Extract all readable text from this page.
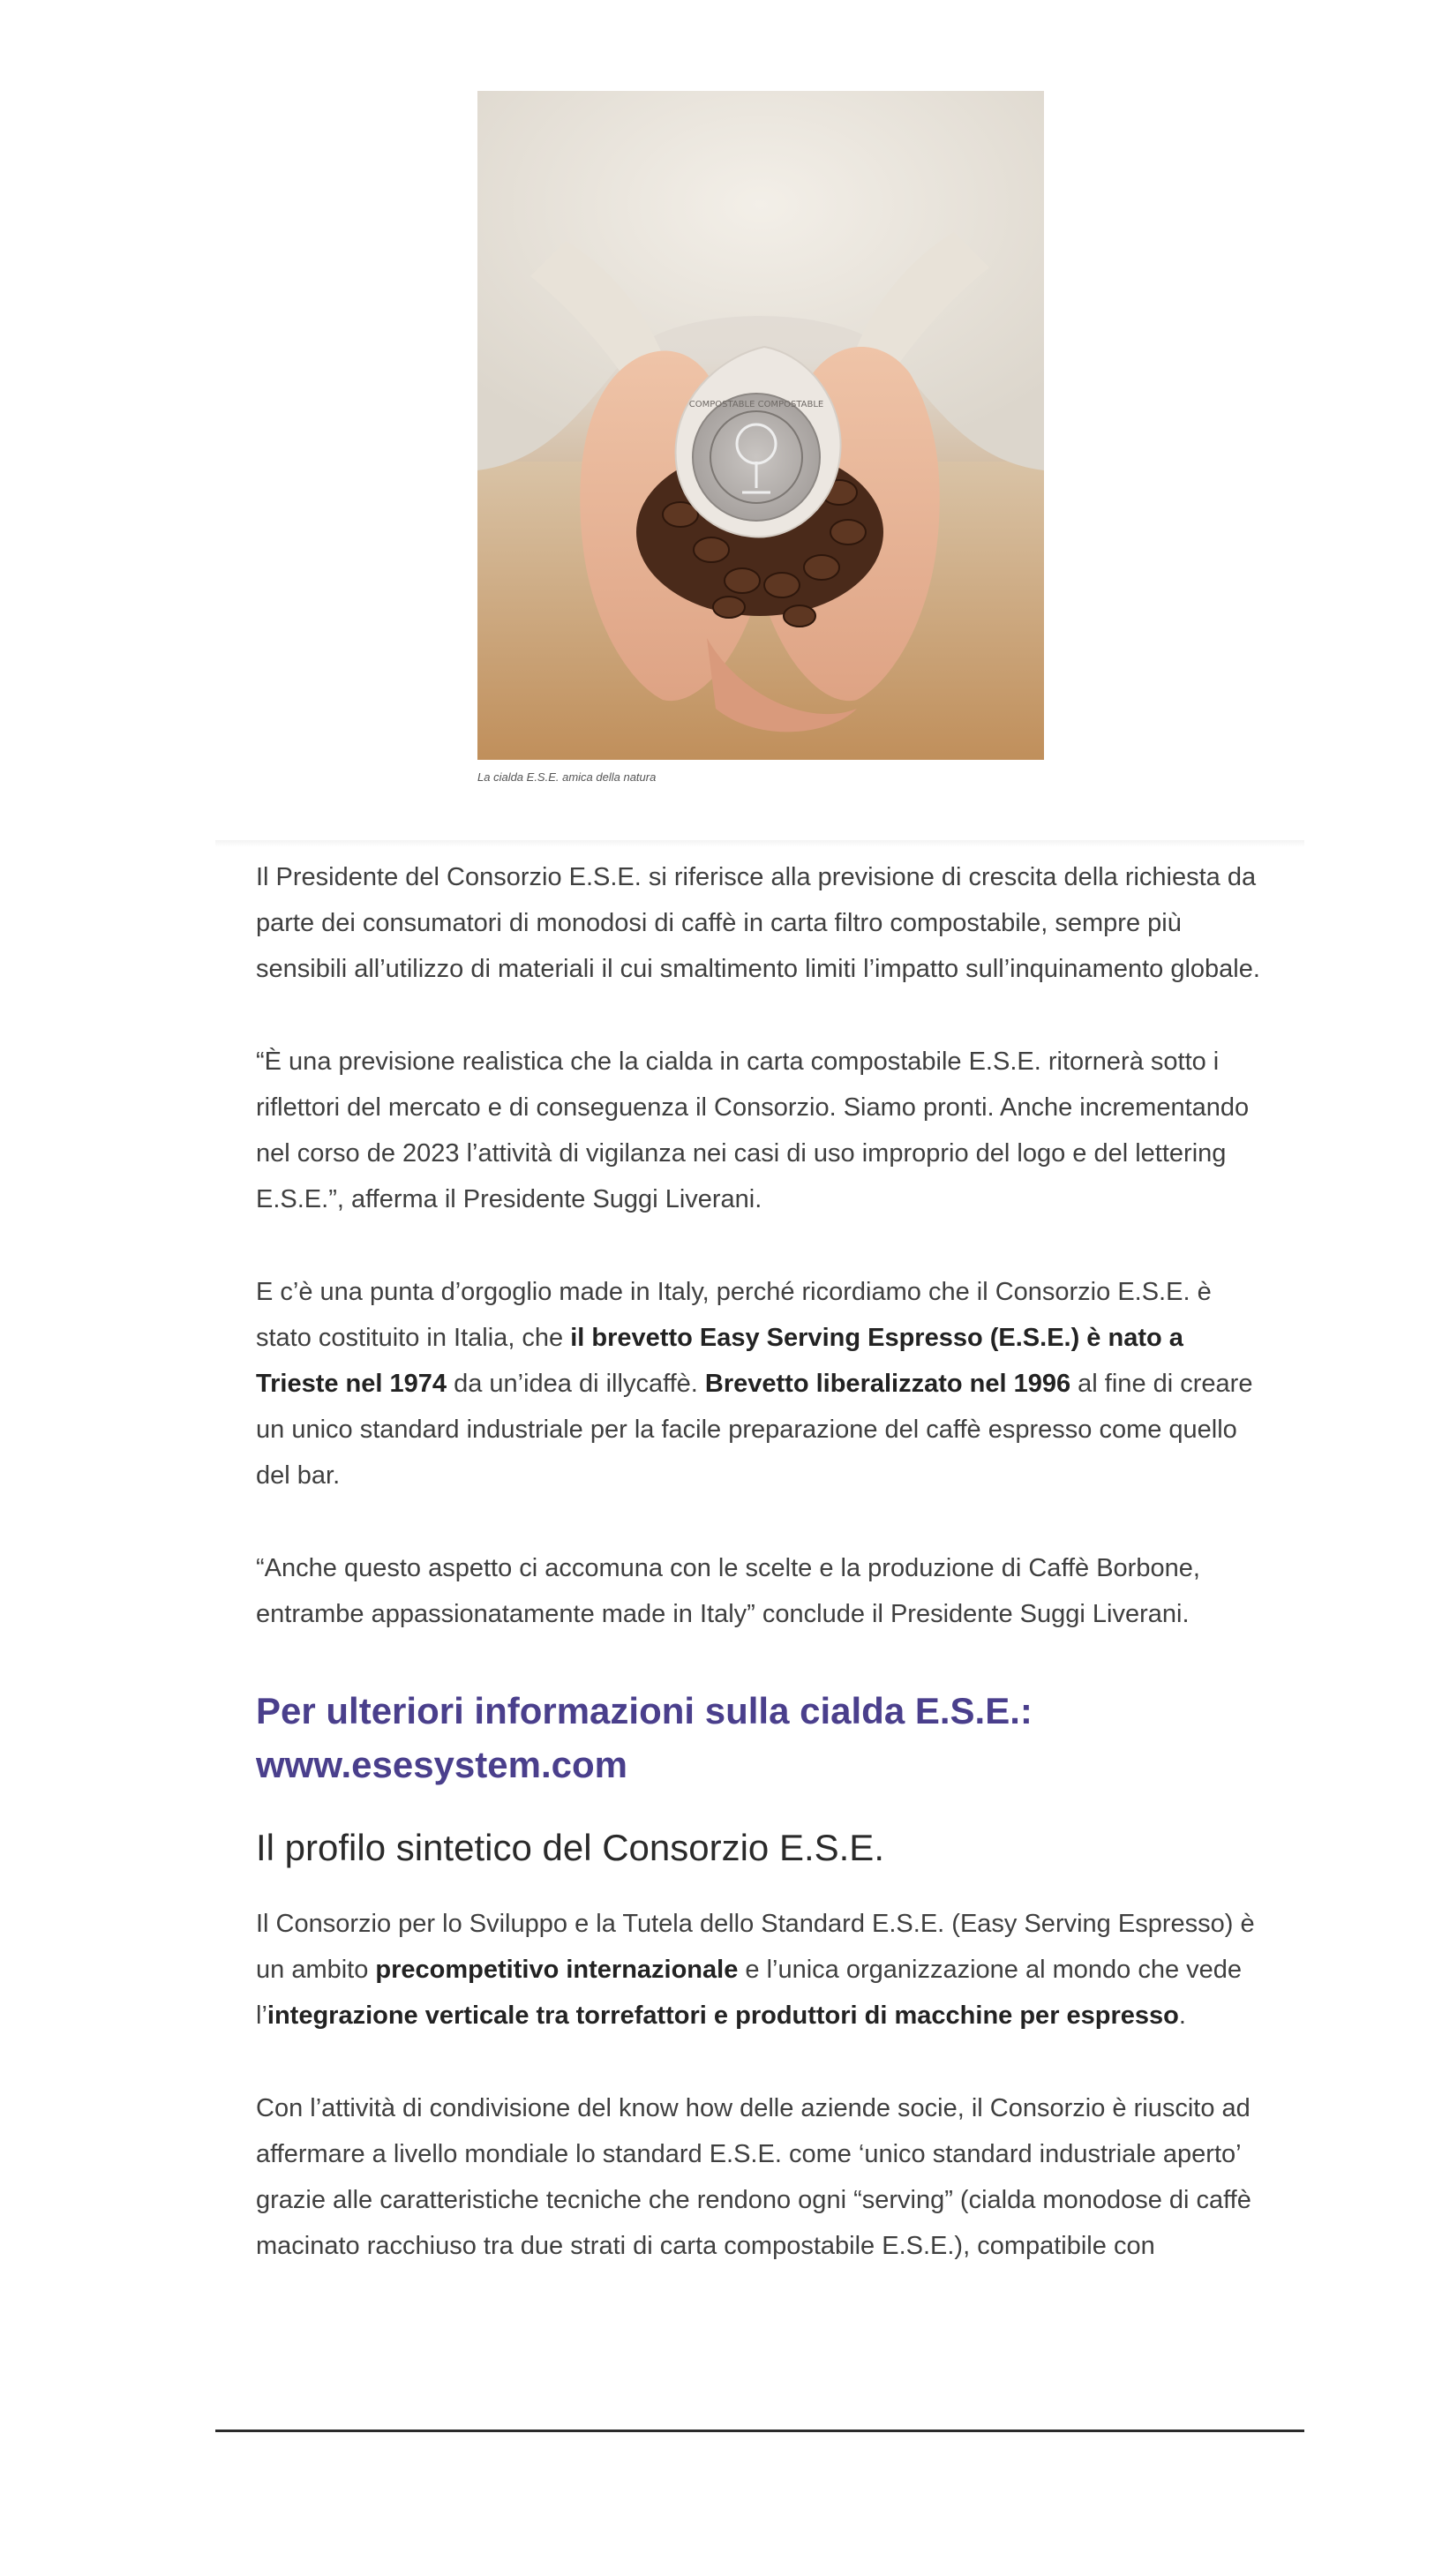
COMPOSTABLE COMPOSTABLE
La cialda E.S.E. amica della natura

Il Presidente del Consorzio E.S.E. si riferisce alla previsione di crescita della richiesta da parte dei consumatori di monodosi di caffè in carta filtro compostabile, sempre più sensibili all’utilizzo di materiali il cui smaltimento limiti l’impatto sull’inquinamento globale.

“È una previsione realistica che la cialda in carta compostabile E.S.E. ritornerà sotto i riflettori del mercato e di conseguenza il Consorzio. Siamo pronti. Anche incrementando nel corso de 2023 l’attività di vigilanza nei casi di uso improprio del logo e del lettering E.S.E.”, afferma il Presidente Suggi Liverani.

E c’è una punta d’orgoglio made in Italy, perché ricordiamo che il Consorzio E.S.E. è stato costituito in Italia, che il brevetto Easy Serving Espresso (E.S.E.) è nato a Trieste nel 1974 da un’idea di illycaffè. Brevetto liberalizzato nel 1996 al fine di creare un unico standard industriale per la facile preparazione del caffè espresso come quello del bar.

“Anche questo aspetto ci accomuna con le scelte e la produzione di Caffè Borbone, entrambe appassionatamente made in Italy” conclude il Presidente Suggi Liverani.

Per ulteriori informazioni sulla cialda E.S.E.:
www.esesystem.com
Il profilo sintetico del Consorzio E.S.E.

Il Consorzio per lo Sviluppo e la Tutela dello Standard E.S.E. (Easy Serving Espresso) è un ambito precompetitivo internazionale e l’unica organizzazione al mondo che vede l’integrazione verticale tra torrefattori e produttori di macchine per espresso.

Con l’attività di condivisione del know how delle aziende socie, il Consorzio è riuscito ad affermare a livello mondiale lo standard E.S.E. come ‘unico standard industriale aperto’ grazie alle caratteristiche tecniche che rendono ogni “serving” (cialda monodose di caffè macinato racchiuso tra due strati di carta compostabile E.S.E.), compatibile con
